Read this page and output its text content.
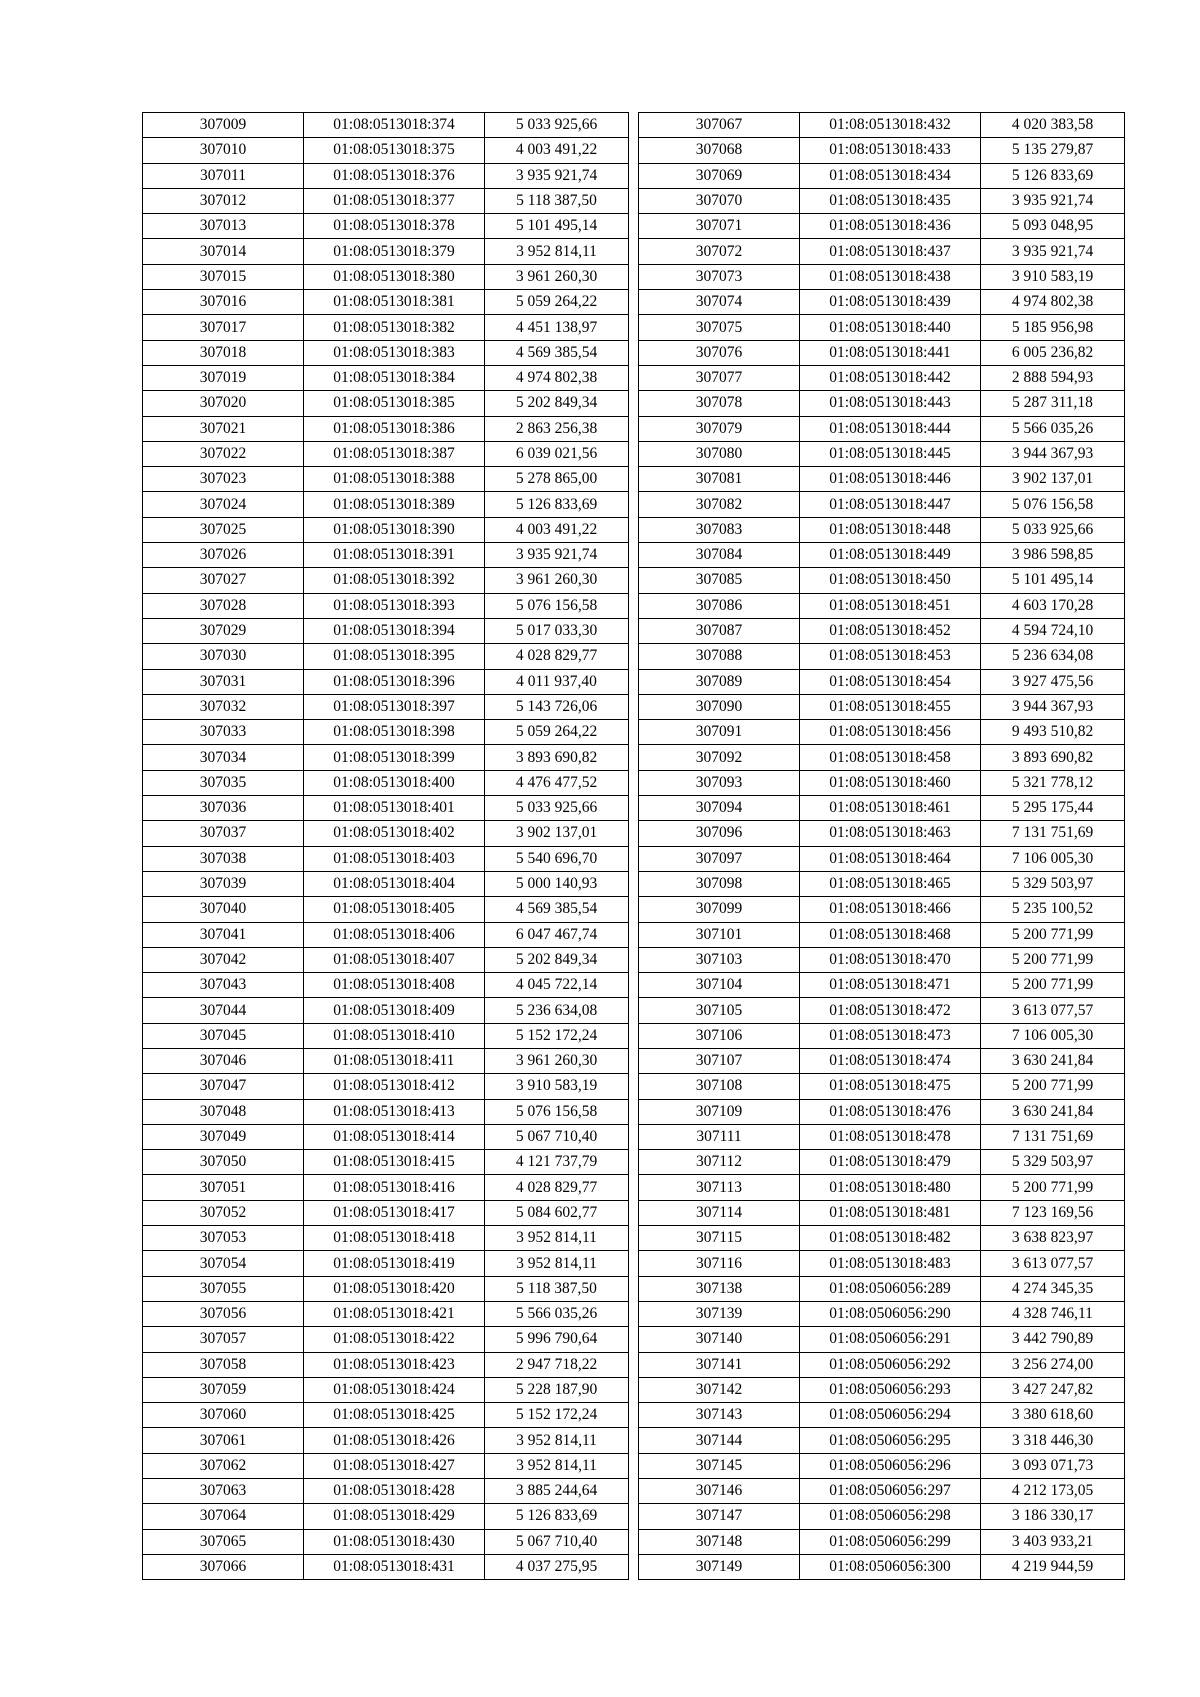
307009	01:08:0513018:374	5 033 925,66
307010	01:08:0513018:375	4 003 491,22
307011	01:08:0513018:376	3 935 921,74
307012	01:08:0513018:377	5 118 387,50
307013	01:08:0513018:378	5 101 495,14
307014	01:08:0513018:379	3 952 814,11
307015	01:08:0513018:380	3 961 260,30
307016	01:08:0513018:381	5 059 264,22
307017	01:08:0513018:382	4 451 138,97
307018	01:08:0513018:383	4 569 385,54
307019	01:08:0513018:384	4 974 802,38
307020	01:08:0513018:385	5 202 849,34
307021	01:08:0513018:386	2 863 256,38
307022	01:08:0513018:387	6 039 021,56
307023	01:08:0513018:388	5 278 865,00
307024	01:08:0513018:389	5 126 833,69
307025	01:08:0513018:390	4 003 491,22
307026	01:08:0513018:391	3 935 921,74
307027	01:08:0513018:392	3 961 260,30
307028	01:08:0513018:393	5 076 156,58
307029	01:08:0513018:394	5 017 033,30
307030	01:08:0513018:395	4 028 829,77
307031	01:08:0513018:396	4 011 937,40
307032	01:08:0513018:397	5 143 726,06
307033	01:08:0513018:398	5 059 264,22
307034	01:08:0513018:399	3 893 690,82
307035	01:08:0513018:400	4 476 477,52
307036	01:08:0513018:401	5 033 925,66
307037	01:08:0513018:402	3 902 137,01
307038	01:08:0513018:403	5 540 696,70
307039	01:08:0513018:404	5 000 140,93
307040	01:08:0513018:405	4 569 385,54
307041	01:08:0513018:406	6 047 467,74
307042	01:08:0513018:407	5 202 849,34
307043	01:08:0513018:408	4 045 722,14
307044	01:08:0513018:409	5 236 634,08
307045	01:08:0513018:410	5 152 172,24
307046	01:08:0513018:411	3 961 260,30
307047	01:08:0513018:412	3 910 583,19
307048	01:08:0513018:413	5 076 156,58
307049	01:08:0513018:414	5 067 710,40
307050	01:08:0513018:415	4 121 737,79
307051	01:08:0513018:416	4 028 829,77
307052	01:08:0513018:417	5 084 602,77
307053	01:08:0513018:418	3 952 814,11
307054	01:08:0513018:419	3 952 814,11
307055	01:08:0513018:420	5 118 387,50
307056	01:08:0513018:421	5 566 035,26
307057	01:08:0513018:422	5 996 790,64
307058	01:08:0513018:423	2 947 718,22
307059	01:08:0513018:424	5 228 187,90
307060	01:08:0513018:425	5 152 172,24
307061	01:08:0513018:426	3 952 814,11
307062	01:08:0513018:427	3 952 814,11
307063	01:08:0513018:428	3 885 244,64
307064	01:08:0513018:429	5 126 833,69
307065	01:08:0513018:430	5 067 710,40
307066	01:08:0513018:431	4 037 275,95
307067	01:08:0513018:432	4 020 383,58
307068	01:08:0513018:433	5 135 279,87
307069	01:08:0513018:434	5 126 833,69
307070	01:08:0513018:435	3 935 921,74
307071	01:08:0513018:436	5 093 048,95
307072	01:08:0513018:437	3 935 921,74
307073	01:08:0513018:438	3 910 583,19
307074	01:08:0513018:439	4 974 802,38
307075	01:08:0513018:440	5 185 956,98
307076	01:08:0513018:441	6 005 236,82
307077	01:08:0513018:442	2 888 594,93
307078	01:08:0513018:443	5 287 311,18
307079	01:08:0513018:444	5 566 035,26
307080	01:08:0513018:445	3 944 367,93
307081	01:08:0513018:446	3 902 137,01
307082	01:08:0513018:447	5 076 156,58
307083	01:08:0513018:448	5 033 925,66
307084	01:08:0513018:449	3 986 598,85
307085	01:08:0513018:450	5 101 495,14
307086	01:08:0513018:451	4 603 170,28
307087	01:08:0513018:452	4 594 724,10
307088	01:08:0513018:453	5 236 634,08
307089	01:08:0513018:454	3 927 475,56
307090	01:08:0513018:455	3 944 367,93
307091	01:08:0513018:456	9 493 510,82
307092	01:08:0513018:458	3 893 690,82
307093	01:08:0513018:460	5 321 778,12
307094	01:08:0513018:461	5 295 175,44
307096	01:08:0513018:463	7 131 751,69
307097	01:08:0513018:464	7 106 005,30
307098	01:08:0513018:465	5 329 503,97
307099	01:08:0513018:466	5 235 100,52
307101	01:08:0513018:468	5 200 771,99
307103	01:08:0513018:470	5 200 771,99
307104	01:08:0513018:471	5 200 771,99
307105	01:08:0513018:472	3 613 077,57
307106	01:08:0513018:473	7 106 005,30
307107	01:08:0513018:474	3 630 241,84
307108	01:08:0513018:475	5 200 771,99
307109	01:08:0513018:476	3 630 241,84
307111	01:08:0513018:478	7 131 751,69
307112	01:08:0513018:479	5 329 503,97
307113	01:08:0513018:480	5 200 771,99
307114	01:08:0513018:481	7 123 169,56
307115	01:08:0513018:482	3 638 823,97
307116	01:08:0513018:483	3 613 077,57
307138	01:08:0506056:289	4 274 345,35
307139	01:08:0506056:290	4 328 746,11
307140	01:08:0506056:291	3 442 790,89
307141	01:08:0506056:292	3 256 274,00
307142	01:08:0506056:293	3 427 247,82
307143	01:08:0506056:294	3 380 618,60
307144	01:08:0506056:295	3 318 446,30
307145	01:08:0506056:296	3 093 071,73
307146	01:08:0506056:297	4 212 173,05
307147	01:08:0506056:298	3 186 330,17
307148	01:08:0506056:299	3 403 933,21
307149	01:08:0506056:300	4 219 944,59
